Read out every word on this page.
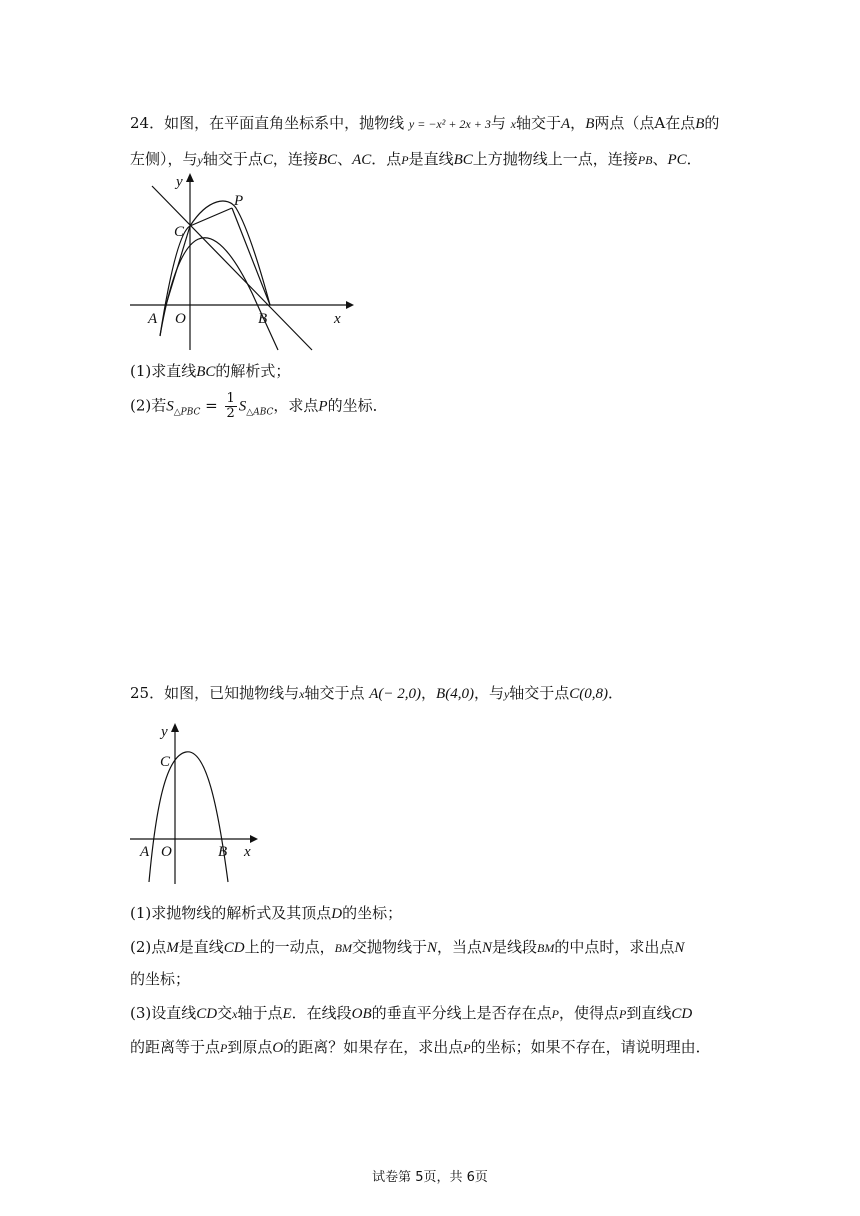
24．如图，在平面直角坐标系中，抛物线 y = −x² + 2x + 3与 x轴交于A，B两点（点A在点B的
左侧），与y轴交于点C，连接BC、AC．点P是直线BC上方抛物线上一点，连接PB、PC．
y
P
C
A O	B	x
(1)求直线BC的解析式；
(2)若$S_{\triangle PBC} = \frac{1}{2} S_{\triangle ABC}$，求点P的坐标．
25．如图，已知抛物线与x轴交于点 A(− 2,0)，B(4,0)，与y轴交于点C(0,8)．
y
C
A O	B x
(1)求抛物线的解析式及其顶点D的坐标；
(2)点M是直线CD上的一动点，BM交抛物线于N，当点N是线段BM的中点时，求出点N
的坐标；
(3)设直线CD交x轴于点E．在线段OB的垂直平分线上是否存在点P，使得点P到直线CD
的距离等于点P到原点O的距离？如果存在，求出点P的坐标；如果不存在，请说明理由．
试卷第 5页，共 6页
